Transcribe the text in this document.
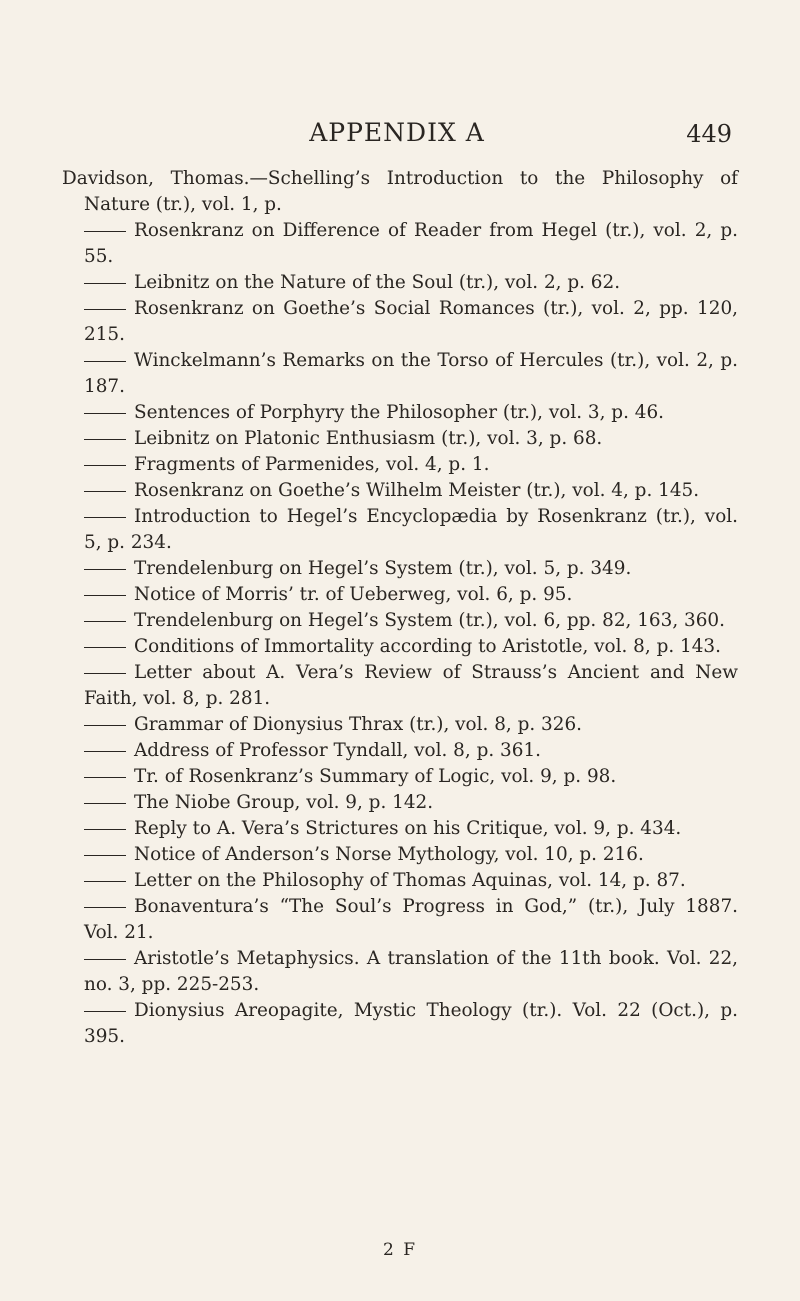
APPENDIX A	449
Davidson, Thomas.—Schelling’s Introduction to the Philosophy of Nature (tr.), vol. 1, p.
Rosenkranz on Difference of Reader from Hegel (tr.), vol. 2, p. 55.
Leibnitz on the Nature of the Soul (tr.), vol. 2, p. 62.
Rosenkranz on Goethe’s Social Romances (tr.), vol. 2, pp. 120, 215.
Winckelmann’s Remarks on the Torso of Hercules (tr.), vol. 2, p. 187.
Sentences of Porphyry the Philosopher (tr.), vol. 3, p. 46.
Leibnitz on Platonic Enthusiasm (tr.), vol. 3, p. 68.
Fragments of Parmenides, vol. 4, p. 1.
Rosenkranz on Goethe’s Wilhelm Meister (tr.), vol. 4, p. 145.
Introduction to Hegel’s Encyclopædia by Rosenkranz (tr.), vol. 5, p. 234.
Trendelenburg on Hegel’s System (tr.), vol. 5, p. 349.
Notice of Morris’ tr. of Ueberweg, vol. 6, p. 95.
Trendelenburg on Hegel’s System (tr.), vol. 6, pp. 82, 163, 360.
Conditions of Immortality according to Aristotle, vol. 8, p. 143.
Letter about A. Vera’s Review of Strauss’s Ancient and New Faith, vol. 8, p. 281.
Grammar of Dionysius Thrax (tr.), vol. 8, p. 326.
Address of Professor Tyndall, vol. 8, p. 361.
Tr. of Rosenkranz’s Summary of Logic, vol. 9, p. 98.
The Niobe Group, vol. 9, p. 142.
Reply to A. Vera’s Strictures on his Critique, vol. 9, p. 434.
Notice of Anderson’s Norse Mythology, vol. 10, p. 216.
Letter on the Philosophy of Thomas Aquinas, vol. 14, p. 87.
Bonaventura’s “The Soul’s Progress in God,” (tr.), July 1887. Vol. 21.
Aristotle’s Metaphysics. A translation of the 11th book. Vol. 22, no. 3, pp. 225-253.
Dionysius Areopagite, Mystic Theology (tr.). Vol. 22 (Oct.), p. 395.
2 F
